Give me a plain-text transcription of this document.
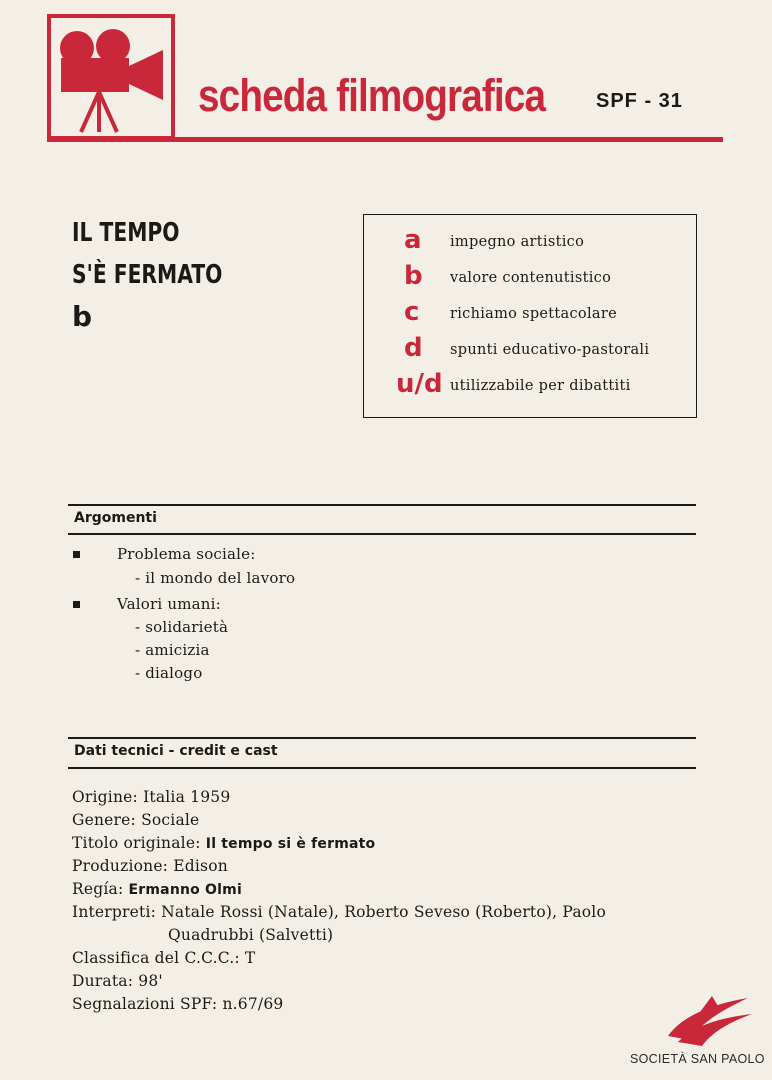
scheda filmografica	SPF - 31
IL TEMPO
S'È FERMATO
b
a impegno artistico
b valore contenutistico
c richiamo spettacolare
d spunti educativo-pastorali
u/d utilizzabile per dibattiti
Argomenti
Problema sociale:
- il mondo del lavoro
Valori umani:
- solidarietà
- amicizia
- dialogo
Dati tecnici - credit e cast
Origine: Italia 1959
Genere: Sociale
Titolo originale: Il tempo si è fermato
Produzione: Edison
Regía: Ermanno Olmi
Interpreti: Natale Rossi (Natale), Roberto Seveso (Roberto), Paolo
Quadrubbi (Salvetti)
Classifica del C.C.C.: T
Durata: 98'
Segnalazioni SPF: n.67/69
SOCIETÀ SAN PAOLO
